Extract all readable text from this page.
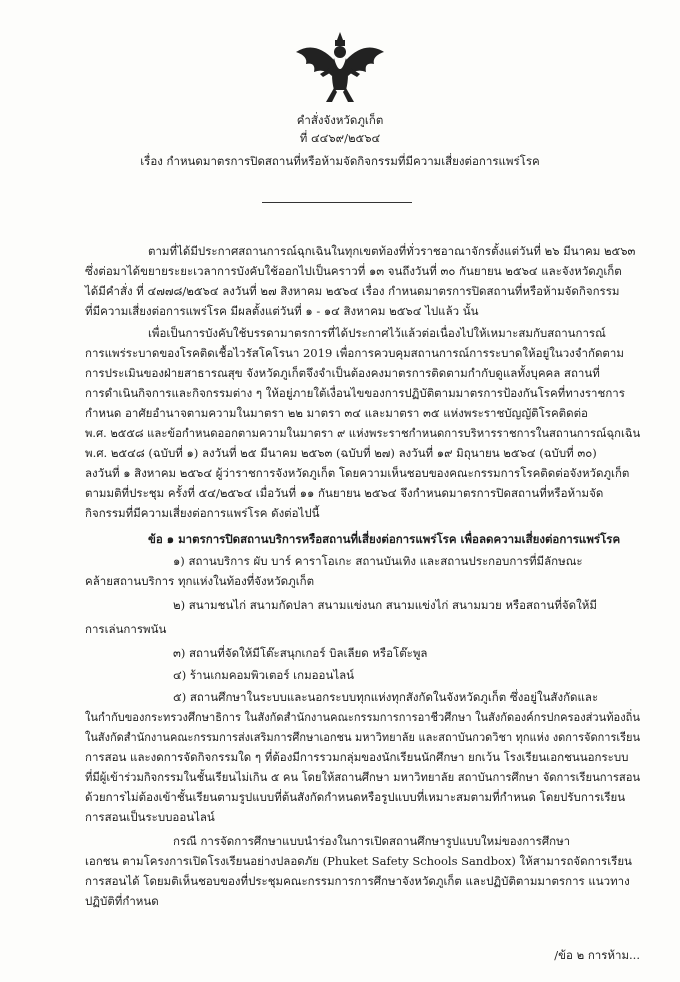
คำสั่งจังหวัดภูเก็ต
ที่ ๔๔๖๙/๒๕๖๔
เรื่อง กำหนดมาตรการปิดสถานที่หรือห้ามจัดกิจกรรมที่มีความเสี่ยงต่อการแพร่โรค
ตามที่ได้มีประกาศสถานการณ์ฉุกเฉินในทุกเขตท้องที่ทั่วราชอาณาจักรตั้งแต่วันที่ ๒๖ มีนาคม ๒๕๖๓
ซึ่งต่อมาได้ขยายระยะเวลาการบังคับใช้ออกไปเป็นคราวที่ ๑๓ จนถึงวันที่ ๓๐ กันยายน ๒๕๖๔ และจังหวัดภูเก็ต
ได้มีคำสั่ง ที่ ๔๗๗๘/๒๕๖๔ ลงวันที่ ๒๗ สิงหาคม ๒๕๖๔ เรื่อง กำหนดมาตรการปิดสถานที่หรือห้ามจัดกิจกรรม
ที่มีความเสี่ยงต่อการแพร่โรค มีผลตั้งแต่วันที่ ๑ - ๑๔ สิงหาคม ๒๕๖๔ ไปแล้ว นั้น
เพื่อเป็นการบังคับใช้บรรดามาตรการที่ได้ประกาศไว้แล้วต่อเนื่องไปให้เหมาะสมกับสถานการณ์
การแพร่ระบาดของโรคติดเชื้อไวรัสโคโรนา 2019 เพื่อการควบคุมสถานการณ์การระบาดให้อยู่ในวงจำกัดตาม
การประเมินของฝ่ายสาธารณสุข จังหวัดภูเก็ตจึงจำเป็นต้องคงมาตรการติดตามกำกับดูแลทั้งบุคคล สถานที่
การดำเนินกิจการและกิจกรรมต่าง ๆ ให้อยู่ภายใต้เงื่อนไขของการปฏิบัติตามมาตรการป้องกันโรคที่ทางราชการ
กำหนด อาศัยอำนาจตามความในมาตรา ๒๒ มาตรา ๓๔ และมาตรา ๓๕ แห่งพระราชบัญญัติโรคติดต่อ
พ.ศ. ๒๕๕๘ และข้อกำหนดออกตามความในมาตรา ๙ แห่งพระราชกำหนดการบริหารราชการในสถานการณ์ฉุกเฉิน
พ.ศ. ๒๕๔๘ (ฉบับที่ ๑) ลงวันที่ ๒๕ มีนาคม ๒๕๖๓ (ฉบับที่ ๒๗) ลงวันที่ ๑๙ มิถุนายน ๒๕๖๔ (ฉบับที่ ๓๐)
ลงวันที่ ๑ สิงหาคม ๒๕๖๔ ผู้ว่าราชการจังหวัดภูเก็ต โดยความเห็นชอบของคณะกรรมการโรคติดต่อจังหวัดภูเก็ต
ตามมติที่ประชุม ครั้งที่ ๕๔/๒๕๖๔ เมื่อวันที่ ๑๑ กันยายน ๒๕๖๔ จึงกำหนดมาตรการปิดสถานที่หรือห้ามจัด
กิจกรรมที่มีความเสี่ยงต่อการแพร่โรค ดังต่อไปนี้
ข้อ ๑ มาตรการปิดสถานบริการหรือสถานที่เสี่ยงต่อการแพร่โรค เพื่อลดความเสี่ยงต่อการแพร่โรค
๑) สถานบริการ ผับ บาร์ คาราโอเกะ สถานบันเทิง และสถานประกอบการที่มีลักษณะ
คล้ายสถานบริการ ทุกแห่งในท้องที่จังหวัดภูเก็ต
๒) สนามชนไก่ สนามกัดปลา สนามแข่งนก สนามแข่งไก่ สนามมวย หรือสถานที่จัดให้มี
การเล่นการพนัน
๓) สถานที่จัดให้มีโต๊ะสนุกเกอร์ บิลเลียด หรือโต๊ะพูล
๔) ร้านเกมคอมพิวเตอร์ เกมออนไลน์
๕) สถานศึกษาในระบบและนอกระบบทุกแห่งทุกสังกัดในจังหวัดภูเก็ต ซึ่งอยู่ในสังกัดและ
ในกำกับของกระทรวงศึกษาธิการ ในสังกัดสำนักงานคณะกรรมการการอาชีวศึกษา ในสังกัดองค์กรปกครองส่วนท้องถิ่น
ในสังกัดสำนักงานคณะกรรมการส่งเสริมการศึกษาเอกชน มหาวิทยาลัย และสถาบันกวดวิชา ทุกแห่ง งดการจัดการเรียน
การสอน และงดการจัดกิจกรรมใด ๆ ที่ต้องมีการรวมกลุ่มของนักเรียนนักศึกษา ยกเว้น โรงเรียนเอกชนนอกระบบ
ที่มีผู้เข้าร่วมกิจกรรมในชั้นเรียนไม่เกิน ๕ คน โดยให้สถานศึกษา มหาวิทยาลัย สถาบันการศึกษา จัดการเรียนการสอน
ด้วยการไม่ต้องเข้าชั้นเรียนตามรูปแบบที่ต้นสังกัดกำหนดหรือรูปแบบที่เหมาะสมตามที่กำหนด โดยปรับการเรียน
การสอนเป็นระบบออนไลน์
กรณี การจัดการศึกษาแบบนำร่องในการเปิดสถานศึกษารูปแบบใหม่ของการศึกษา
เอกชน ตามโครงการเปิดโรงเรียนอย่างปลอดภัย (Phuket Safety Schools Sandbox) ให้สามารถจัดการเรียน
การสอนได้ โดยมติเห็นชอบของที่ประชุมคณะกรรมการการศึกษาจังหวัดภูเก็ต และปฏิบัติตามมาตรการ แนวทาง
ปฏิบัติที่กำหนด
/ข้อ ๒ การห้าม...
